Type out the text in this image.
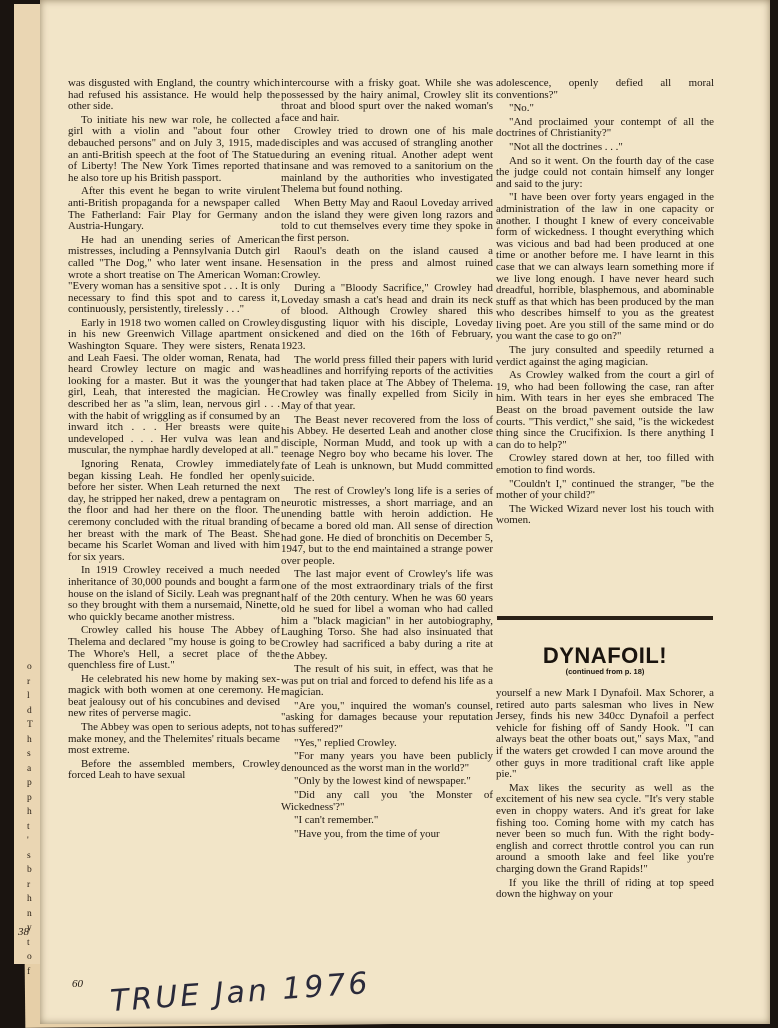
o
r
l
d
T
h
s
a
p
p
h
t
'
s
b
r
h
n
y
t
o
f
38

was disgusted with England, the country which had refused his assistance. He would help the other side.

To initiate his new war role, he collected a girl with a violin and "about four other debauched persons" and on July 3, 1915, made an anti-British speech at the foot of The Statue of Liberty! The New York Times reported that he also tore up his British passport.

After this event he began to write virulent anti-British propaganda for a newspaper called The Fatherland: Fair Play for Germany and Austria-Hungary.

He had an unending series of American mistresses, including a Pennsylvania Dutch girl called "The Dog," who later went insane. He wrote a short treatise on The American Woman: "Every woman has a sensitive spot . . . It is only necessary to find this spot and to caress it, continuously, persistently, tirelessly . . ."

Early in 1918 two women called on Crowley in his new Greenwich Village apartment on Washington Square. They were sisters, Renata and Leah Faesi. The older woman, Renata, had heard Crowley lecture on magic and was looking for a master. But it was the younger girl, Leah, that interested the magician. He described her as "a slim, lean, nervous girl . . . with the habit of wriggling as if consumed by an inward itch . . . Her breasts were quite undeveloped . . . Her vulva was lean and muscular, the nymphae hardly developed at all."

Ignoring Renata, Crowley immediately began kissing Leah. He fondled her openly before her sister. When Leah returned the next day, he stripped her naked, drew a pentagram on the floor and had her there on the floor. The ceremony concluded with the ritual branding of her breast with the mark of The Beast. She became his Scarlet Woman and lived with him for six years.

In 1919 Crowley received a much needed inheritance of 30,000 pounds and bought a farm house on the island of Sicily. Leah was pregnant so they brought with them a nursemaid, Ninette, who quickly became another mistress.

Crowley called his house The Abbey of Thelema and declared "my house is going to be The Whore's Hell, a secret place of the quenchless fire of Lust."

He celebrated his new home by making sex-magick with both women at one ceremony. He beat jealousy out of his concubines and devised new rites of perverse magic.

The Abbey was open to serious adepts, not to make money, and the Thelemites' rituals became most extreme.

Before the assembled members, Crowley forced Leah to have sexual

intercourse with a frisky goat. While she was possessed by the hairy animal, Crowley slit its throat and blood spurt over the naked woman's face and hair.

Crowley tried to drown one of his male disciples and was accused of strangling another during an evening ritual. Another adept went insane and was removed to a sanitorium on the mainland by the authorities who investigated Thelema but found nothing.

When Betty May and Raoul Loveday arrived on the island they were given long razors and told to cut themselves every time they spoke in the first person.

Raoul's death on the island caused a sensation in the press and almost ruined Crowley.

During a "Bloody Sacrifice," Crowley had Loveday smash a cat's head and drain its neck of blood. Although Crowley shared this disgusting liquor with his disciple, Loveday sickened and died on the 16th of February, 1923.

The world press filled their papers with lurid headlines and horrifying reports of the activities that had taken place at The Abbey of Thelema. Crowley was finally expelled from Sicily in May of that year.

The Beast never recovered from the loss of his Abbey. He deserted Leah and another close disciple, Norman Mudd, and took up with a teenage Negro boy who became his lover. The fate of Leah is unknown, but Mudd committed suicide.

The rest of Crowley's long life is a series of neurotic mistresses, a short marriage, and an unending battle with heroin addiction. He became a bored old man. All sense of direction had gone. He died of bronchitis on December 5, 1947, but to the end maintained a strange power over people.

The last major event of Crowley's life was one of the most extraordinary trials of the first half of the 20th century. When he was 60 years old he sued for libel a woman who had called him a "black magician" in her autobiography, Laughing Torso. She had also insinuated that Crowley had sacrificed a baby during a rite at the Abbey.

The result of his suit, in effect, was that he was put on trial and forced to defend his life as a magician.

"Are you," inquired the woman's counsel, "asking for damages because your reputation has suffered?"

"Yes," replied Crowley.

"For many years you have been publicly denounced as the worst man in the world?"

"Only by the lowest kind of newspaper."

"Did any call you 'the Monster of Wickedness'?"

"I can't remember."

"Have you, from the time of your

adolescence, openly defied all moral conventions?"

"No."

"And proclaimed your contempt of all the doctrines of Christianity?"

"Not all the doctrines . . ."

And so it went. On the fourth day of the case the judge could not contain himself any longer and said to the jury:

"I have been over forty years engaged in the administration of the law in one capacity or another. I thought I knew of every conceivable form of wickedness. I thought everything which was vicious and bad had been produced at one time or another before me. I have learnt in this case that we can always learn something more if we live long enough. I have never heard such dreadful, horrible, blasphemous, and abominable stuff as that which has been produced by the man who describes himself to you as the greatest living poet. Are you still of the same mind or do you want the case to go on?"

The jury consulted and speedily returned a verdict against the aging magician.

As Crowley walked from the court a girl of 19, who had been following the case, ran after him. With tears in her eyes she embraced The Beast on the broad pavement outside the law courts. "This verdict," she said, "is the wickedest thing since the Crucifixion. Is there anything I can do to help?"

Crowley stared down at her, too filled with emotion to find words.

"Couldn't I," continued the stranger, "be the mother of your child?"

The Wicked Wizard never lost his touch with women.

DYNAFOIL!
(continued from p. 18)

yourself a new Mark I Dynafoil. Max Schorer, a retired auto parts salesman who lives in New Jersey, finds his new 340cc Dynafoil a perfect vehicle for fishing off of Sandy Hook. "I can always beat the other boats out," says Max, "and if the waters get crowded I can move around the other guys in more traditional craft like apple pie."

Max likes the security as well as the excitement of his new sea cycle. "It's very stable even in choppy waters. And it's great for lake fishing too. Coming home with my catch has never been so much fun. With the right body-english and correct throttle control you can run around a smooth lake and feel like you're charging down the Grand Rapids!"

If you like the thrill of riding at top speed down the highway on your

60 TRUE Jan 1976
